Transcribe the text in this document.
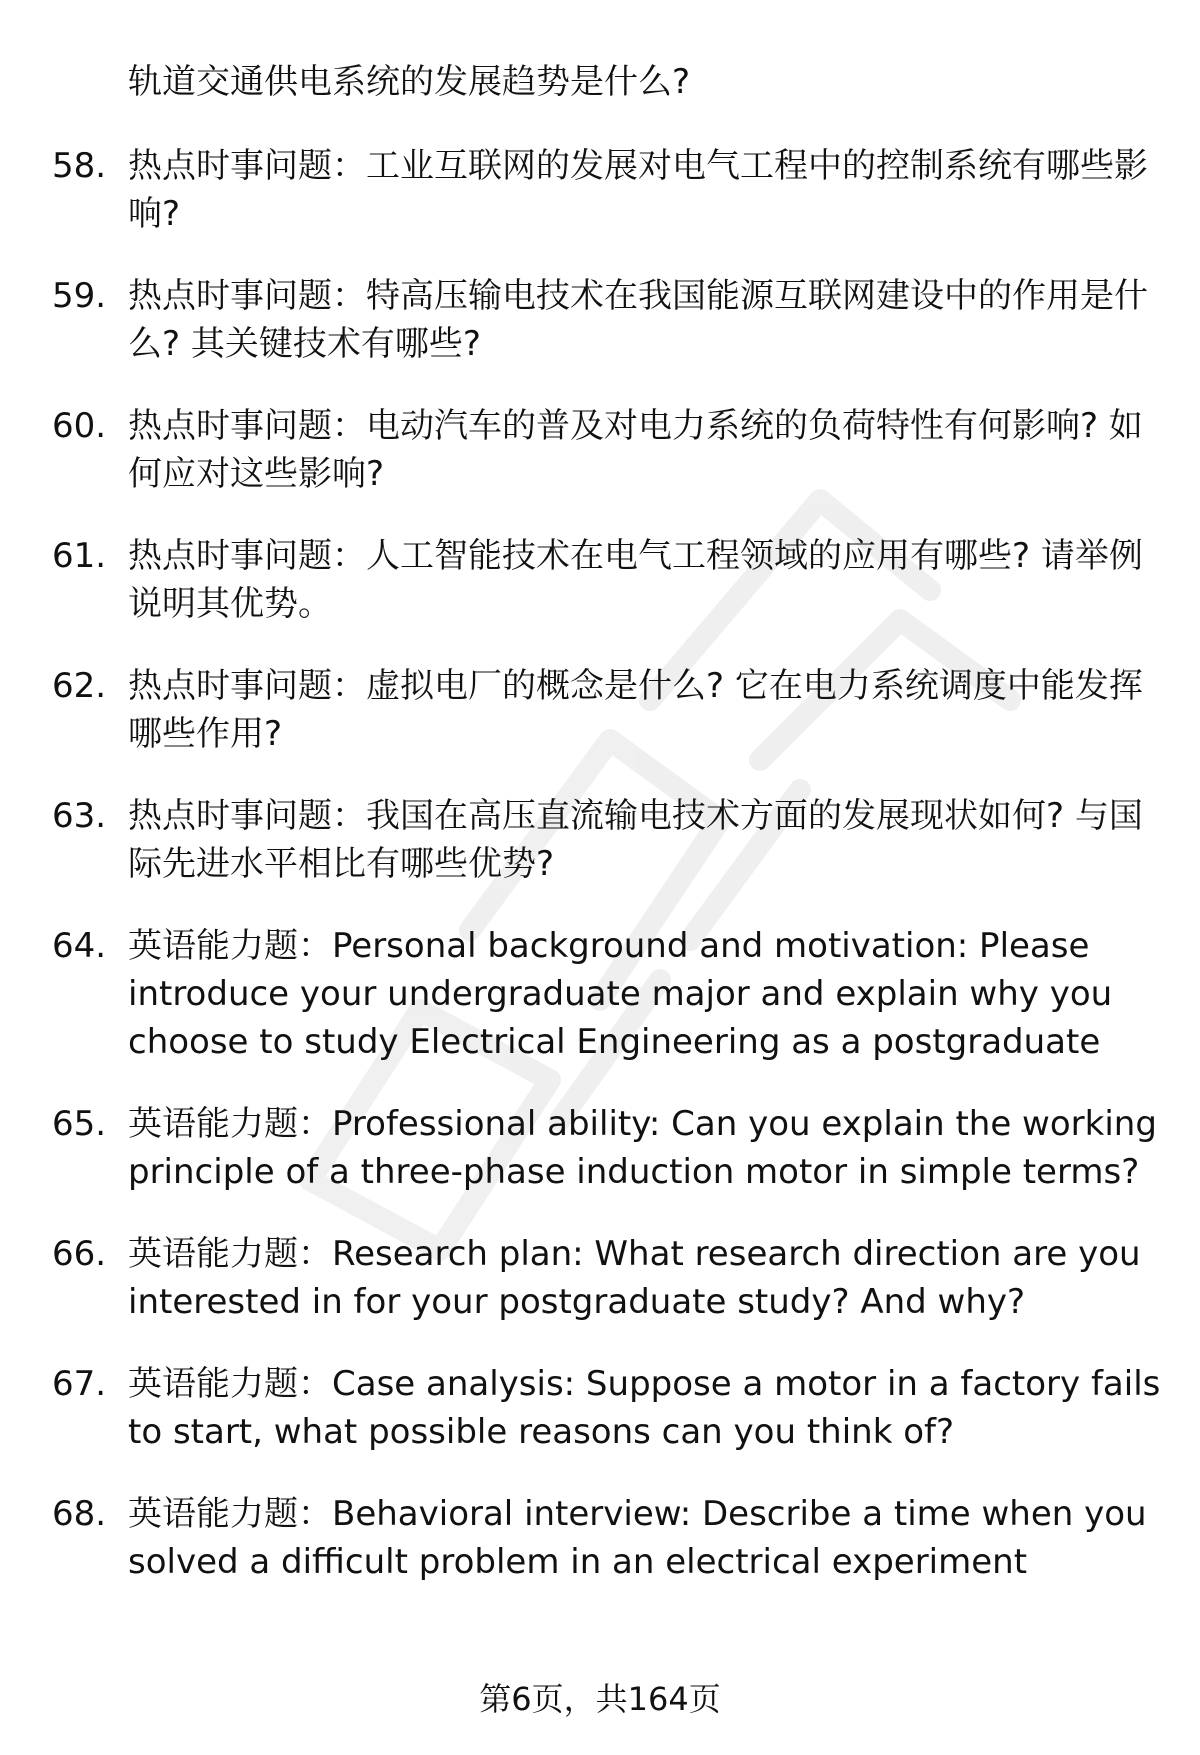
轨道交通供电系统的发展趋势是什么?
58. 热点时事问题：工业互联网的发展对电气工程中的控制系统有哪些影响?
59. 热点时事问题：特高压输电技术在我国能源互联网建设中的作用是什么? 其关键技术有哪些?
60. 热点时事问题：电动汽车的普及对电力系统的负荷特性有何影响? 如何应对这些影响?
61. 热点时事问题：人工智能技术在电气工程领域的应用有哪些? 请举例说明其优势。
62. 热点时事问题：虚拟电厂的概念是什么? 它在电力系统调度中能发挥哪些作用?
63. 热点时事问题：我国在高压直流输电技术方面的发展现状如何? 与国际先进水平相比有哪些优势?
64. 英语能力题：Personal background and motivation: Please introduce your undergraduate major and explain why you choose to study Electrical Engineering as a postgraduate
65. 英语能力题：Professional ability: Can you explain the working principle of a three-phase induction motor in simple terms?
66. 英语能力题：Research plan: What research direction are you interested in for your postgraduate study? And why?
67. 英语能力题：Case analysis: Suppose a motor in a factory fails to start, what possible reasons can you think of?
68. 英语能力题：Behavioral interview: Describe a time when you solved a difficult problem in an electrical experiment
第6页，共164页
